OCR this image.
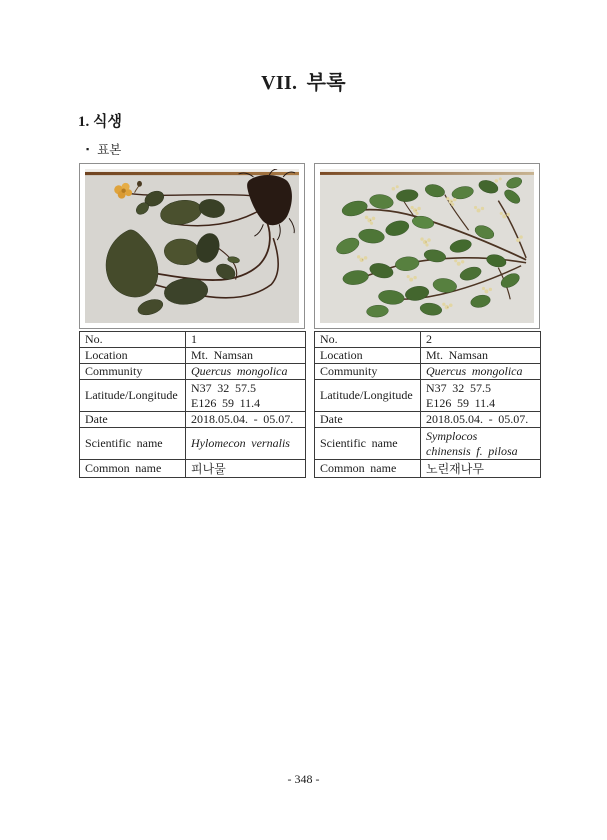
VII. 부록
1. 식생
▪ 표본
No.	1
Location	Mt. Namsan
Community	Quercus mongolica
Latitude/Longitude	N37 32 57.5
E126 59 11.4

Date	2018.05.04. - 05.07.
Scientific name	Hylomecon vernalis

Common name	피나물
No.	2
Location	Mt. Namsan
Community	Quercus mongolica
Latitude/Longitude	N37 32 57.5
E126 59 11.4

Date	2018.05.04. - 05.07.
Scientific name	Symplocos
chinensis f. pilosa

Common name	노린재나무
- 348 -
